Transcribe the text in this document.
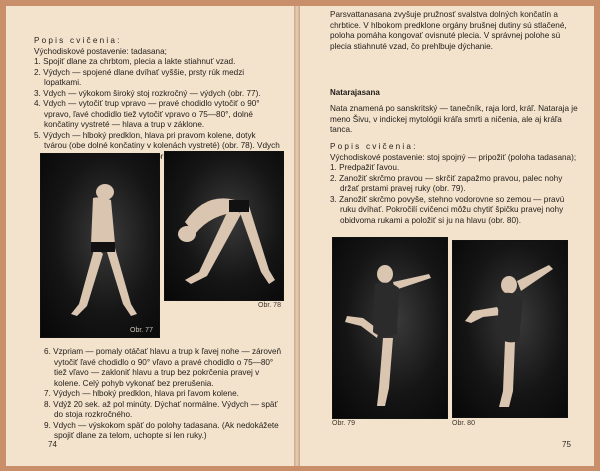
Popis cvičenia:

Východiskové postavenie: tadasana;

1. Spojiť dlane za chrbtom, plecia a lakte stiahnuť vzad.

2. Výdych — spojené dlane dvíhať vyššie, prsty rúk medzi lopatkami.

3. Vdych — výkokom široký stoj rozkročný — výdych (obr. 77).

4. Vdych — vytočiť trup vpravo — pravé chodidlo vytočiť o 90° vpravo, ľavé chodidlo tiež vytočiť vpravo o 75—80°, dolné končatiny vystreté — hlava a trup v záklone.

5. Výdych — hlboký predklon, hlava pri pravom kolene, dotyk tvárou (obe dolné končatiny v kolenách vystreté) (obr. 78). Vdych

Obr. 78
Obr. 77

6. Vzpriam — pomaly otáčať hlavu a trup k ľavej nohe — zároveň vytočiť ľavé chodidlo o 90° vľavo a pravé chodidlo o 75—80° tiež vľavo — zakloniť hlavu a trup bez pokrčenia pravej v kolene. Celý pohyb vykonať bez prerušenia.

7. Výdych — hlboký predklon, hlava pri ľavom kolene.

8. Vdýž 20 sek. až pol minúty. Dýchať normálne. Výdych — späť do stoja rozkročného.

9. Vdych — výskokom späť do polohy tadasana. (Ak nedokážete spojiť dlane za telom, uchopte si len ruky.)

74

Parsvattanasana zvyšuje pružnosť svalstva dolných končatín a chrbtice. V hlbokom predklone orgány brušnej dutiny sú stlačené, poloha pomáha kongovať ovisnuté plecia. V správnej polohe sú plecia stiahnuté vzad, čo prehlbuje dýchanie.

Natarajasana

Nata znamená po sanskritský — tanečník, raja lord, kráľ. Nataraja je meno Šivu, v indickej mytológii kráľa smrti a ničenia, ale aj kráľa tanca.

Popis cvičenia:

Východiskové postavenie: stoj spojný — pripožiť (poloha tadasana);

1. Predpažiť ľavou.

2. Zanožiť skrčmo pravou — skrčiť zapažmo pravou, palec nohy držať prstami pravej ruky (obr. 79).

3. Zanožiť skrčmo povyše, stehno vodorovne so zemou — pravú ruku dvíhať. Pokročilí cvičenci môžu chytiť špičku pravej nohy obidvoma rukami a položiť si ju na hlavu (obr. 80).

Obr. 79	Obr. 80
75
